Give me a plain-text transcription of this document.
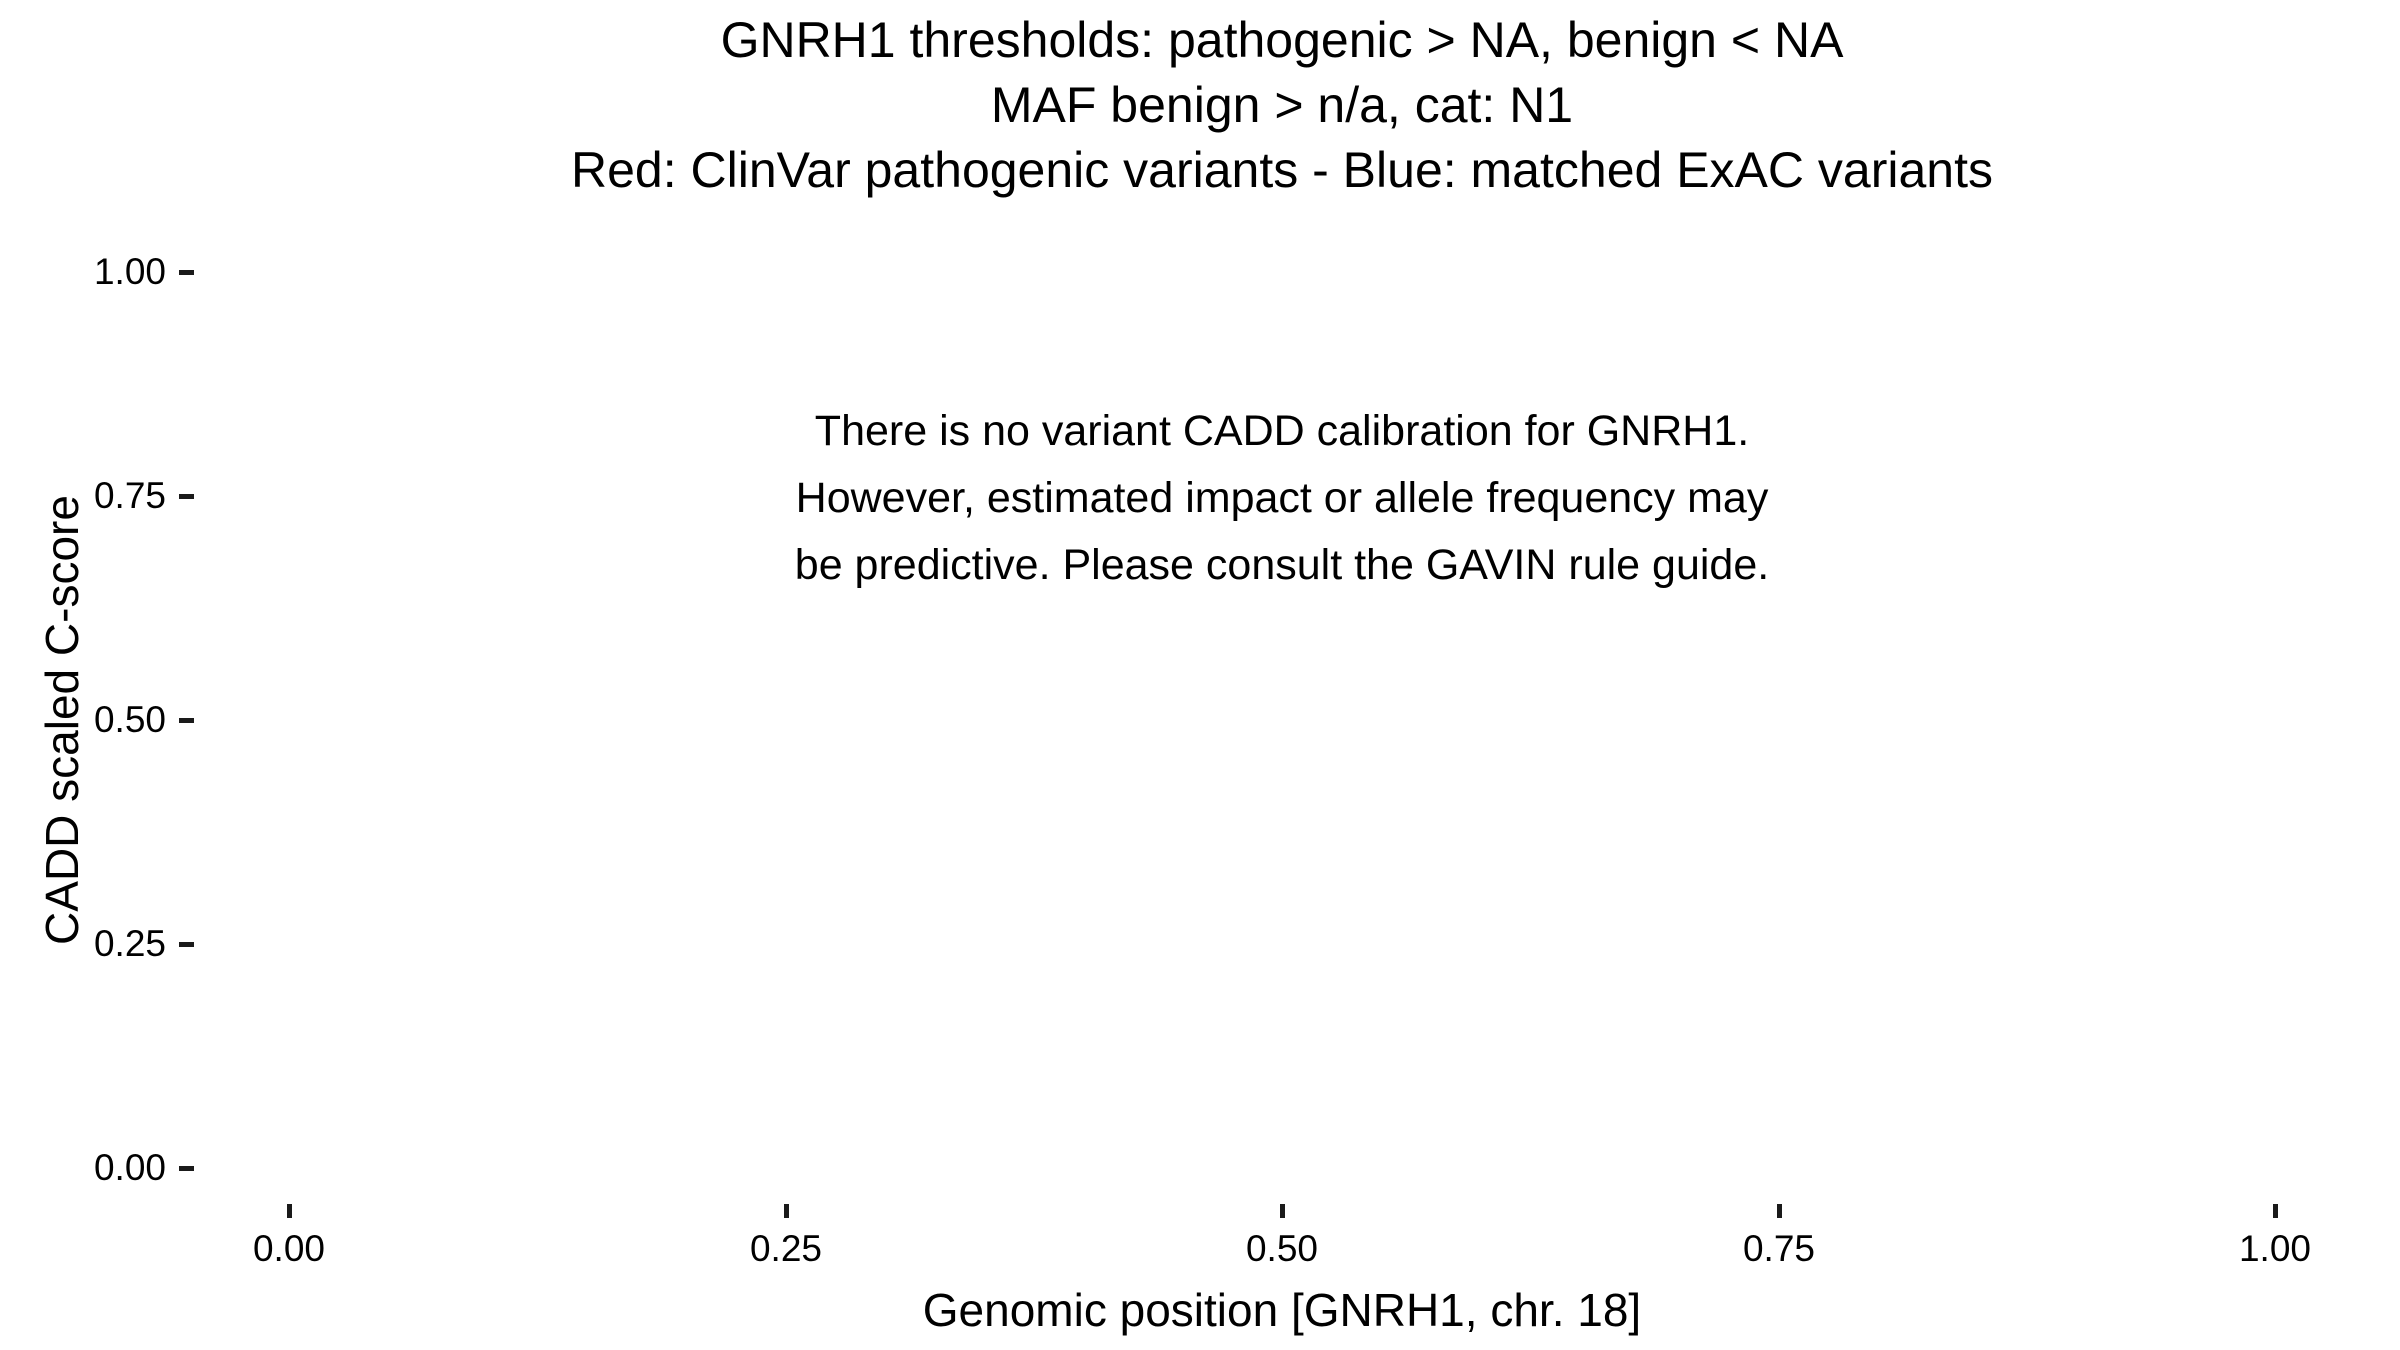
GNRH1 thresholds: pathogenic > NA, benign < NA
MAF benign > n/a, cat: N1
Red: ClinVar pathogenic variants - Blue: matched ExAC variants
There is no variant CADD calibration for GNRH1.
However, estimated impact or allele frequency may
be predictive. Please consult the GAVIN rule guide.
CADD scaled C-score
Genomic position [GNRH1, chr. 18]
1.00
0.75
0.50
0.25
0.00
0.00	0.25	0.50	0.75	1.00
